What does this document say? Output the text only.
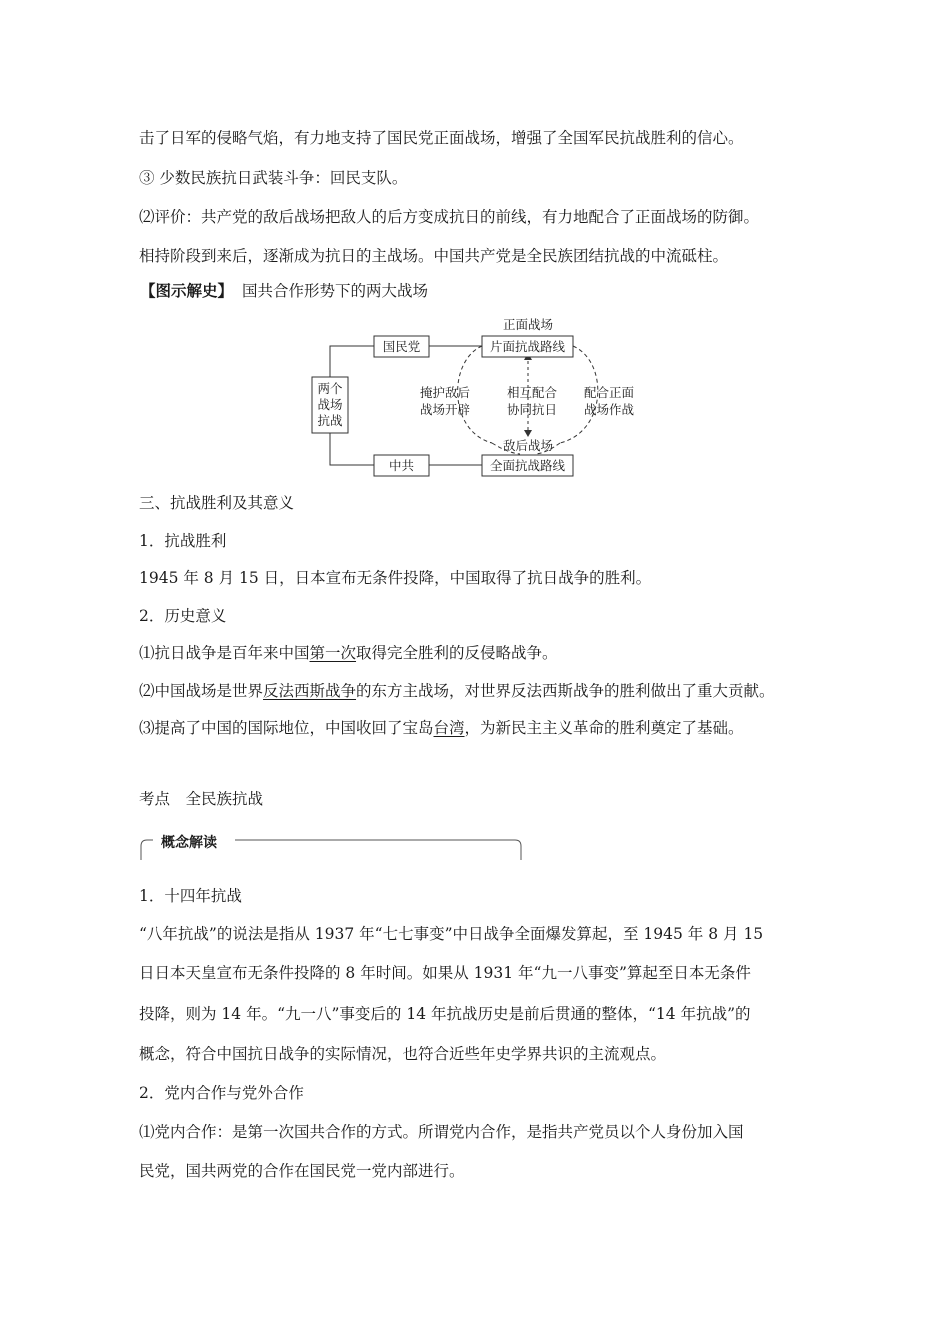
击了日军的侵略气焰，有力地支持了国民党正面战场，增强了全国军民抗战胜利的信心。
③ 少数民族抗日武装斗争：回民支队。
⑵评价：共产党的敌后战场把敌人的后方变成抗日的前线，有力地配合了正面战场的防御。
相持阶段到来后，逐渐成为抗日的主战场。中国共产党是全民族团结抗战的中流砥柱。
【图示解史】 国共合作形势下的两大战场
两个
战场
抗战
国民党
中共
正面战场
片面抗战路线
敌后战场
全面抗战路线
掩护敌后
战场开辟
相互配合
协同抗日
配合正面
战场作战
三、抗战胜利及其意义
1．抗战胜利
1945 年 8 月 15 日，日本宣布无条件投降，中国取得了抗日战争的胜利。
2．历史意义
⑴抗日战争是百年来中国第一次取得完全胜利的反侵略战争。
⑵中国战场是世界反法西斯战争的东方主战场，对世界反法西斯战争的胜利做出了重大贡献。
⑶提高了中国的国际地位，中国收回了宝岛台湾，为新民主主义革命的胜利奠定了基础。
考点　全民族抗战
概念解读
1．十四年抗战
“八年抗战”的说法是指从 1937 年“七七事变”中日战争全面爆发算起，至 1945 年 8 月 15
日日本天皇宣布无条件投降的 8 年时间。如果从 1931 年“九一八事变”算起至日本无条件
投降，则为 14 年。“九一八”事变后的 14 年抗战历史是前后贯通的整体，“14 年抗战”的
概念，符合中国抗日战争的实际情况，也符合近些年史学界共识的主流观点。
2．党内合作与党外合作
⑴党内合作：是第一次国共合作的方式。所谓党内合作，是指共产党员以个人身份加入国
民党，国共两党的合作在国民党一党内部进行。
